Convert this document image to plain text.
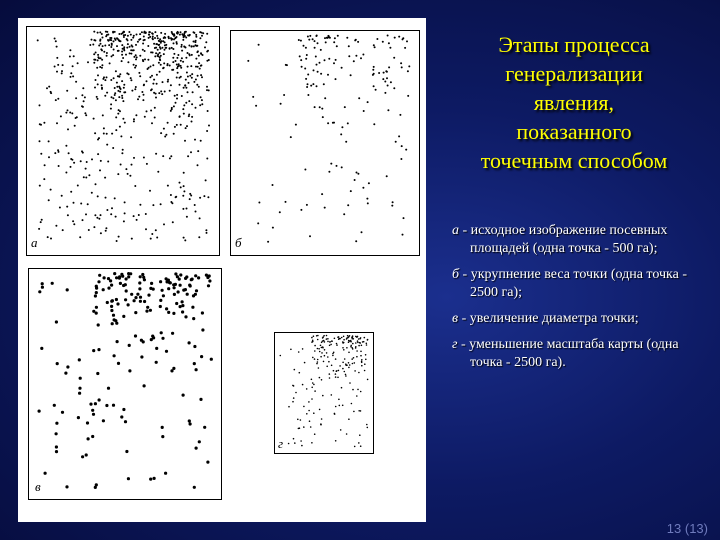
а	б
в
г
Этапы процесса
генерализации
явления,
показанного
точечным способом
а - исходное изображение посевных площадей (одна точка - 500 га);
б - укрупнение веса точки (одна точка - 2500 га);
в - увеличение диаметра точки;
г - уменьшение масштаба карты (одна точка - 2500 га).
13 (13)
